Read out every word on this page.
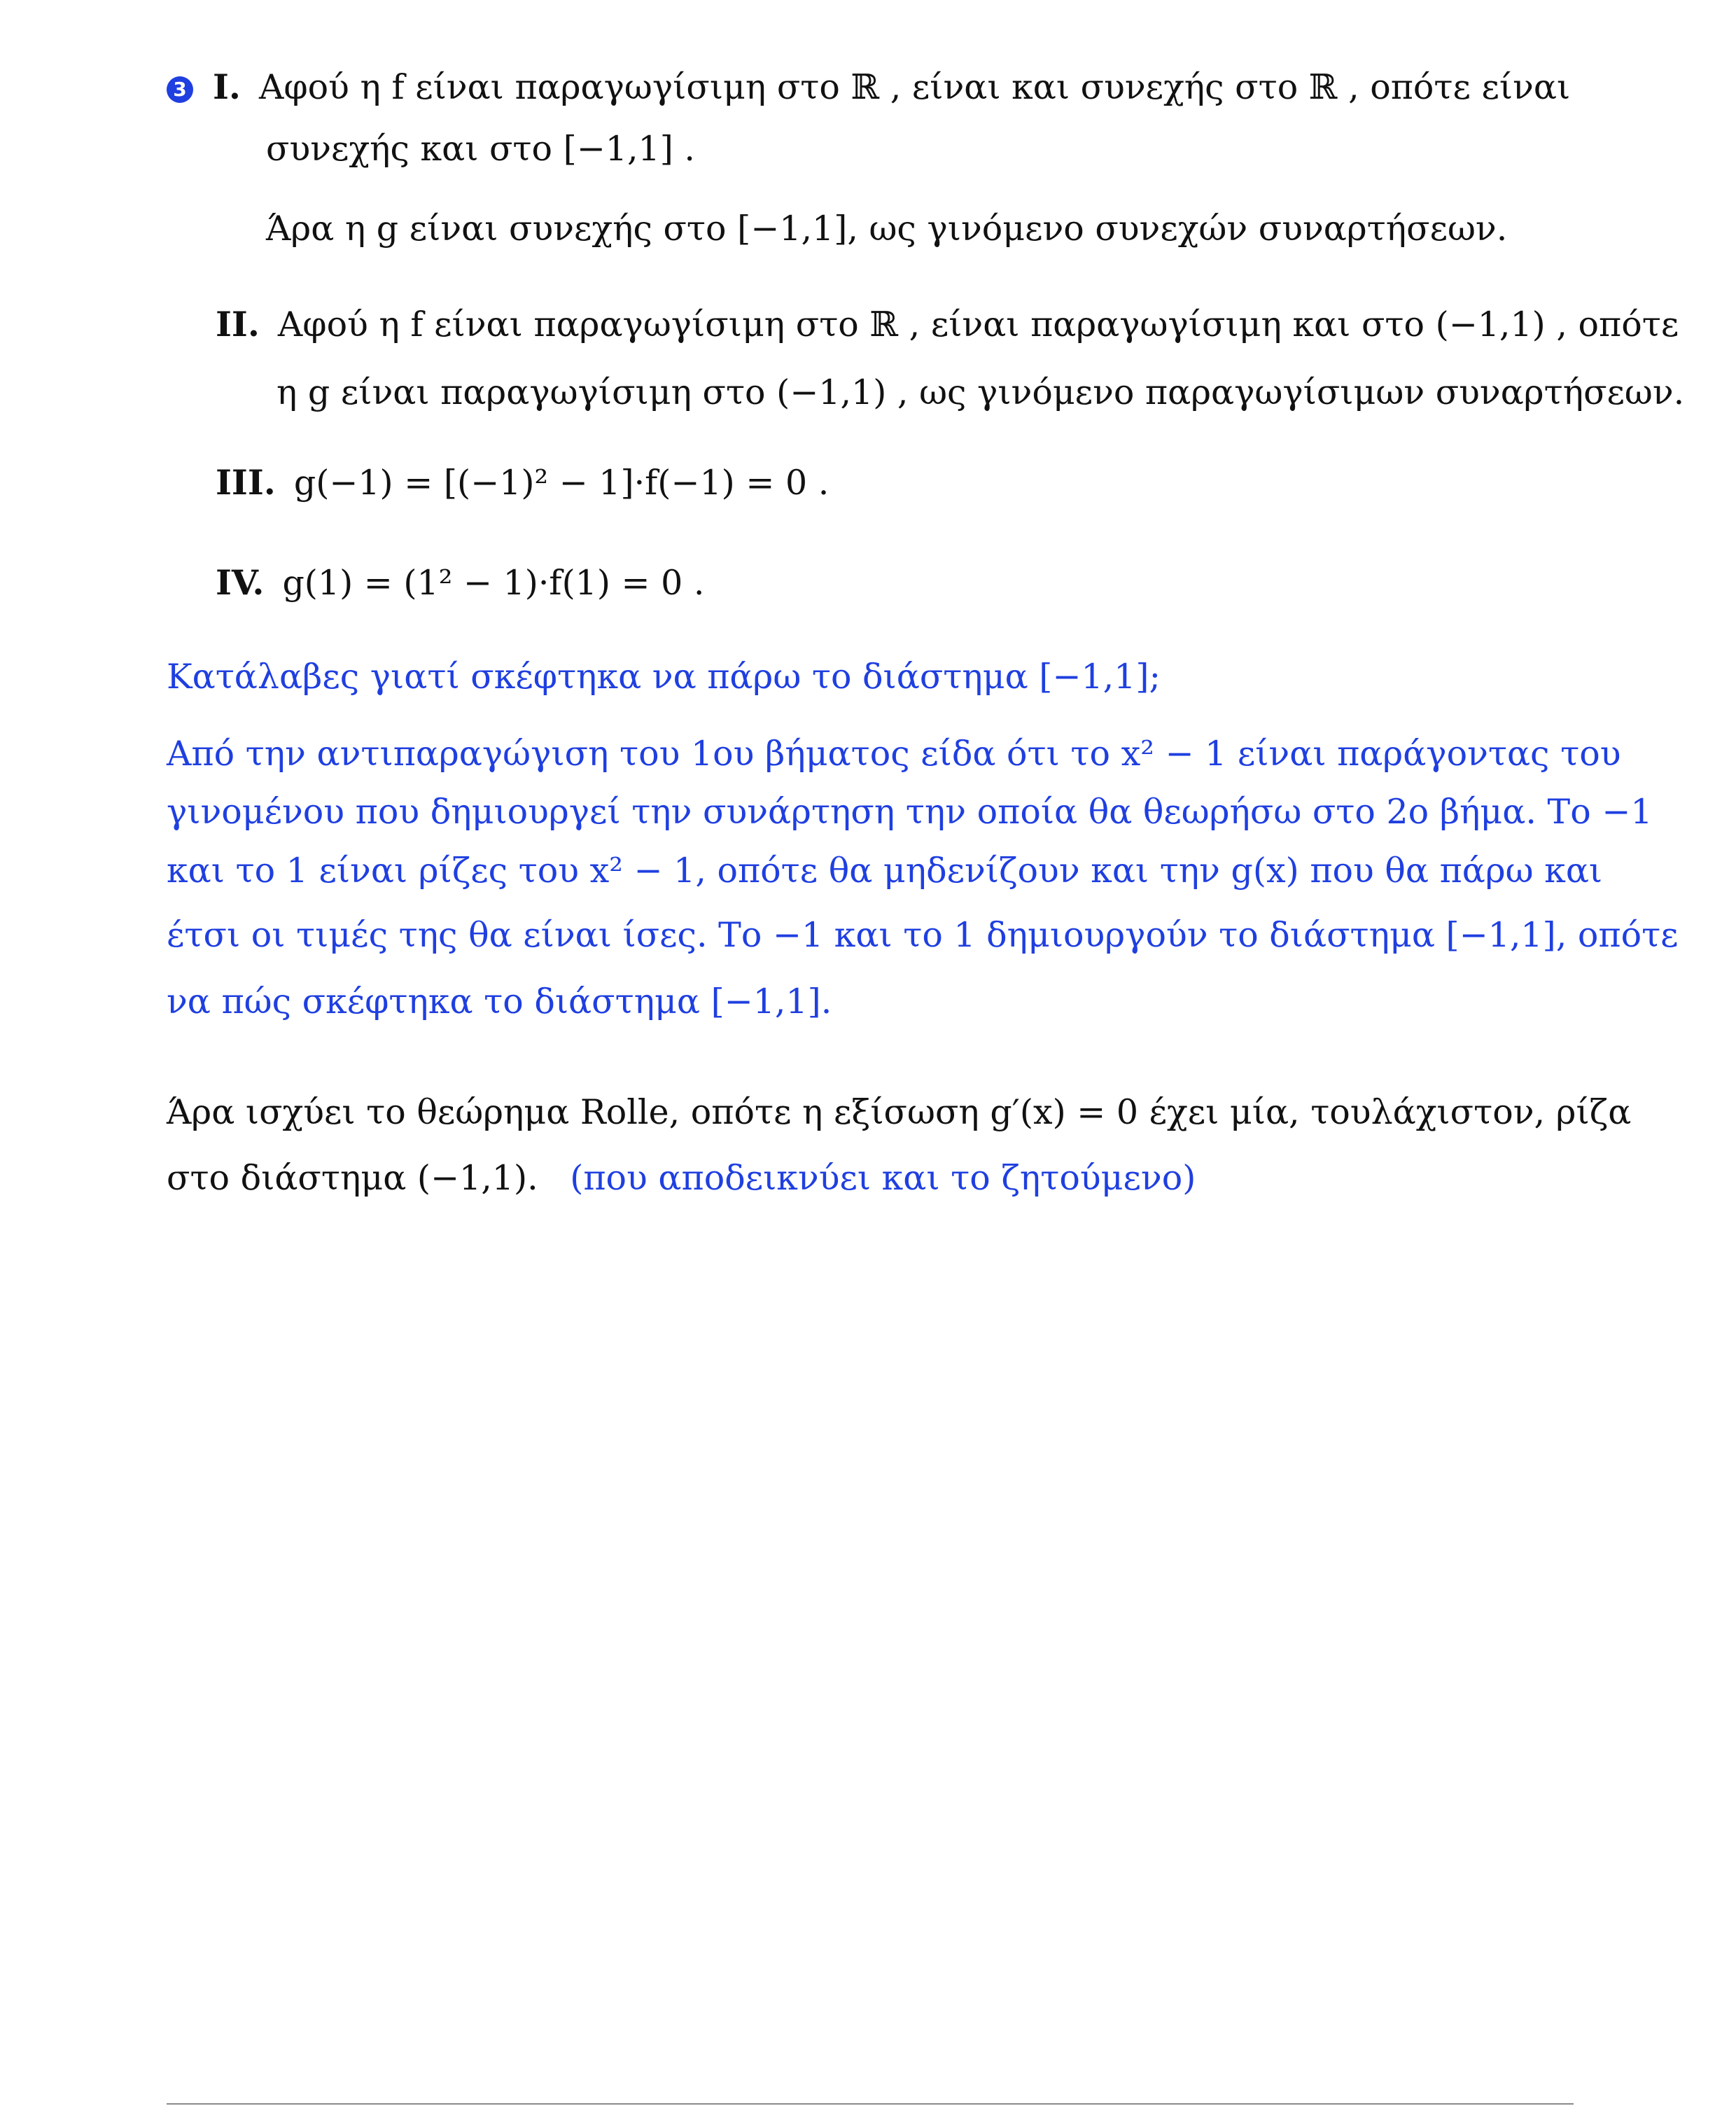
3 I. Αφού η f είναι παραγωγίσιμη στο ℝ , είναι και συνεχής στο ℝ , οπότε είναι
συνεχής και στο [−1,1] .
Άρα η g είναι συνεχής στο [−1,1], ως γινόμενο συνεχών συναρτήσεων.
II. Αφού η f είναι παραγωγίσιμη στο ℝ , είναι παραγωγίσιμη και στο (−1,1) , οπότε
η g είναι παραγωγίσιμη στο (−1,1) , ως γινόμενο παραγωγίσιμων συναρτήσεων.
III. g(−1) = [(−1)² − 1]·f(−1) = 0 .
IV. g(1) = (1² − 1)·f(1) = 0 .
Κατάλαβες γιατί σκέφτηκα να πάρω το διάστημα [−1,1];
Από την αντιπαραγώγιση του 1ου βήματος είδα ότι το x² − 1 είναι παράγοντας του
γινομένου που δημιουργεί την συνάρτηση την οποία θα θεωρήσω στο 2ο βήμα. Το −1
και το 1 είναι ρίζες του x² − 1, οπότε θα μηδενίζουν και την g(x) που θα πάρω και
έτσι οι τιμές της θα είναι ίσες. Το −1 και το 1 δημιουργούν το διάστημα [−1,1], οπότε
να πώς σκέφτηκα το διάστημα [−1,1].
Άρα ισχύει το θεώρημα Rolle, οπότε η εξίσωση g′(x) = 0 έχει μία, τουλάχιστον, ρίζα
στο διάστημα (−1,1). (που αποδεικνύει και το ζητούμενο)
